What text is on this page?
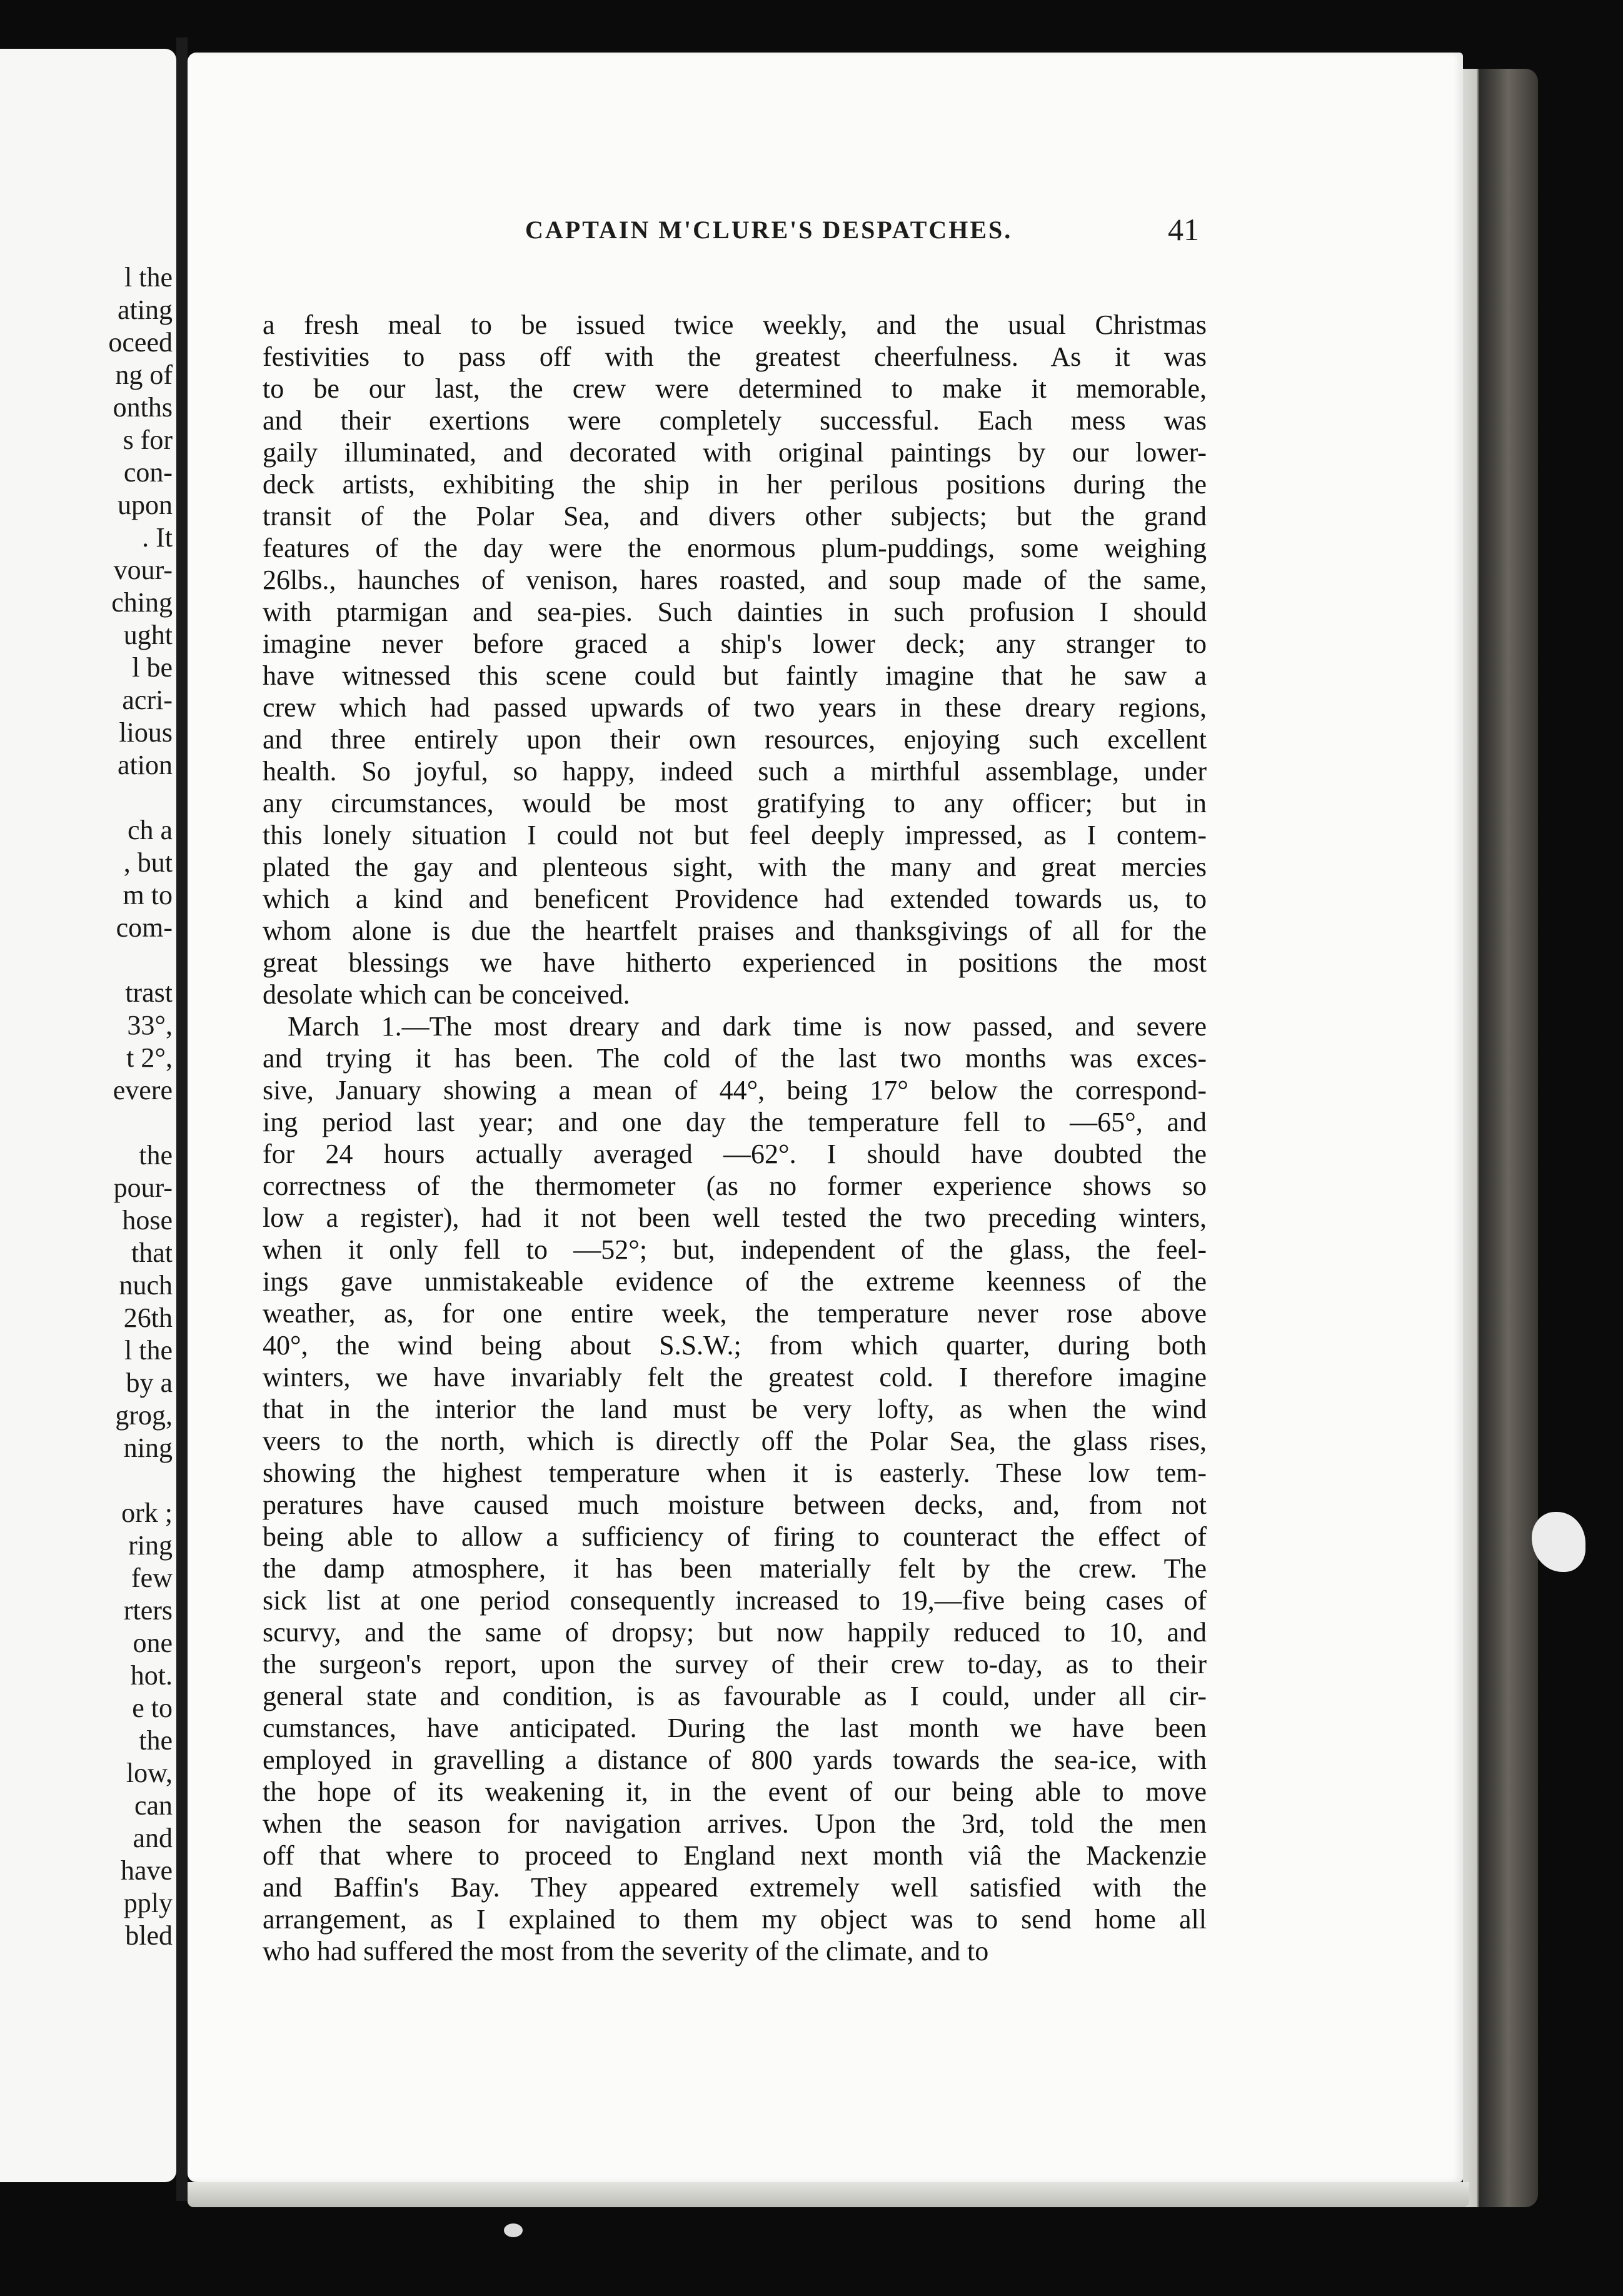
l the

ating

oceed

ng of

onths

s for

con-

upon

. It

vour-

ching

ught

l be

acri-

lious

ation

ch a

, but

m to

com-

trast

33°,

t 2°,

evere

the

pour-

hose

that

nuch

26th

l the

by a

grog,

ning

ork ;

ring

few

rters

one

hot.

e to

the

low,

can

and

have

pply

bled

CAPTAIN M'CLURE'S DESPATCHES.	41
a fresh meal to be issued twice weekly, and the usual Christmas
festivities to pass off with the greatest cheerfulness. As it was
to be our last, the crew were determined to make it memorable,
and their exertions were completely successful. Each mess was
gaily illuminated, and decorated with original paintings by our lower-
deck artists, exhibiting the ship in her perilous positions during the
transit of the Polar Sea, and divers other subjects; but the grand
features of the day were the enormous plum-puddings, some weighing
26lbs., haunches of venison, hares roasted, and soup made of the same,
with ptarmigan and sea-pies. Such dainties in such profusion I should
imagine never before graced a ship's lower deck; any stranger to
have witnessed this scene could but faintly imagine that he saw a
crew which had passed upwards of two years in these dreary regions,
and three entirely upon their own resources, enjoying such excellent
health. So joyful, so happy, indeed such a mirthful assemblage, under
any circumstances, would be most gratifying to any officer; but in
this lonely situation I could not but feel deeply impressed, as I contem-
plated the gay and plenteous sight, with the many and great mercies
which a kind and beneficent Providence had extended towards us, to
whom alone is due the heartfelt praises and thanksgivings of all for the
great blessings we have hitherto experienced in positions the most
desolate which can be conceived.
March 1.—The most dreary and dark time is now passed, and severe
and trying it has been. The cold of the last two months was exces-
sive, January showing a mean of 44°, being 17° below the correspond-
ing period last year; and one day the temperature fell to —65°, and
for 24 hours actually averaged —62°. I should have doubted the
correctness of the thermometer (as no former experience shows so
low a register), had it not been well tested the two preceding winters,
when it only fell to —52°; but, independent of the glass, the feel-
ings gave unmistakeable evidence of the extreme keenness of the
weather, as, for one entire week, the temperature never rose above
40°, the wind being about S.S.W.; from which quarter, during both
winters, we have invariably felt the greatest cold. I therefore imagine
that in the interior the land must be very lofty, as when the wind
veers to the north, which is directly off the Polar Sea, the glass rises,
showing the highest temperature when it is easterly. These low tem-
peratures have caused much moisture between decks, and, from not
being able to allow a sufficiency of firing to counteract the effect of
the damp atmosphere, it has been materially felt by the crew. The
sick list at one period consequently increased to 19,—five being cases of
scurvy, and the same of dropsy; but now happily reduced to 10, and
the surgeon's report, upon the survey of their crew to-day, as to their
general state and condition, is as favourable as I could, under all cir-
cumstances, have anticipated. During the last month we have been
employed in gravelling a distance of 800 yards towards the sea-ice, with
the hope of its weakening it, in the event of our being able to move
when the season for navigation arrives. Upon the 3rd, told the men
off that where to proceed to England next month viâ the Mackenzie
and Baffin's Bay. They appeared extremely well satisfied with the
arrangement, as I explained to them my object was to send home all
who had suffered the most from the severity of the climate, and to
